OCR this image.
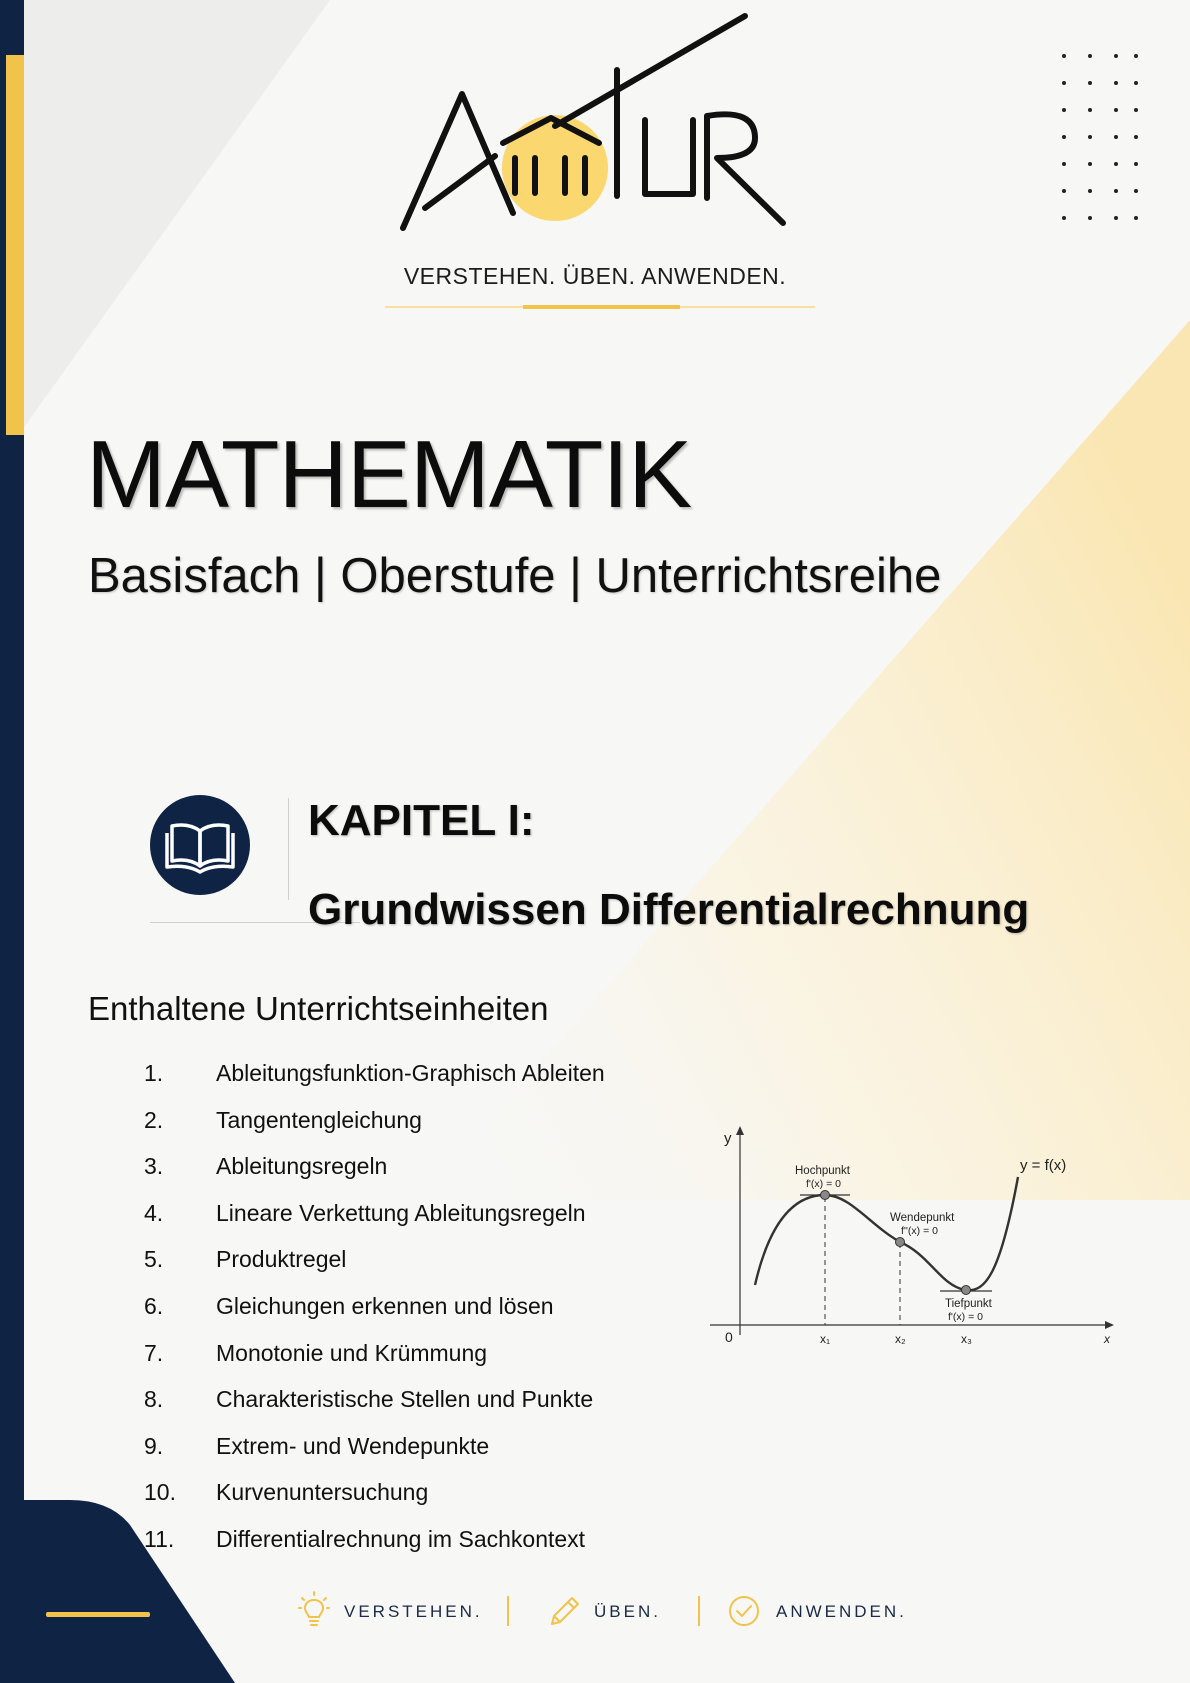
VERSTEHEN. ÜBEN. ANWENDEN.
MATHEMATIK
Basisfach | Oberstufe | Unterrichtsreihe
KAPITEL I:
Grundwissen Differentialrechnung
Enthaltene Unterrichtseinheiten
1.	Ableitungsfunktion-Graphisch Ableiten
2.	Tangentengleichung
3.	Ableitungsregeln
4.	Lineare Verkettung Ableitungsregeln
5.	Produktregel
6.	Gleichungen erkennen und lösen
7.	Monotonie und Krümmung
8.	Charakteristische Stellen und Punkte
9.	Extrem- und Wendepunkte
10.	Kurvenuntersuchung
11.	Differentialrechnung im Sachkontext
y
x
0
Hochpunkt
f'(x) = 0
Wendepunkt
f''(x) = 0
Tiefpunkt
f'(x) = 0
y = f(x)
x₁	x₂	x₃
VERSTEHEN.	ÜBEN.	ANWENDEN.
